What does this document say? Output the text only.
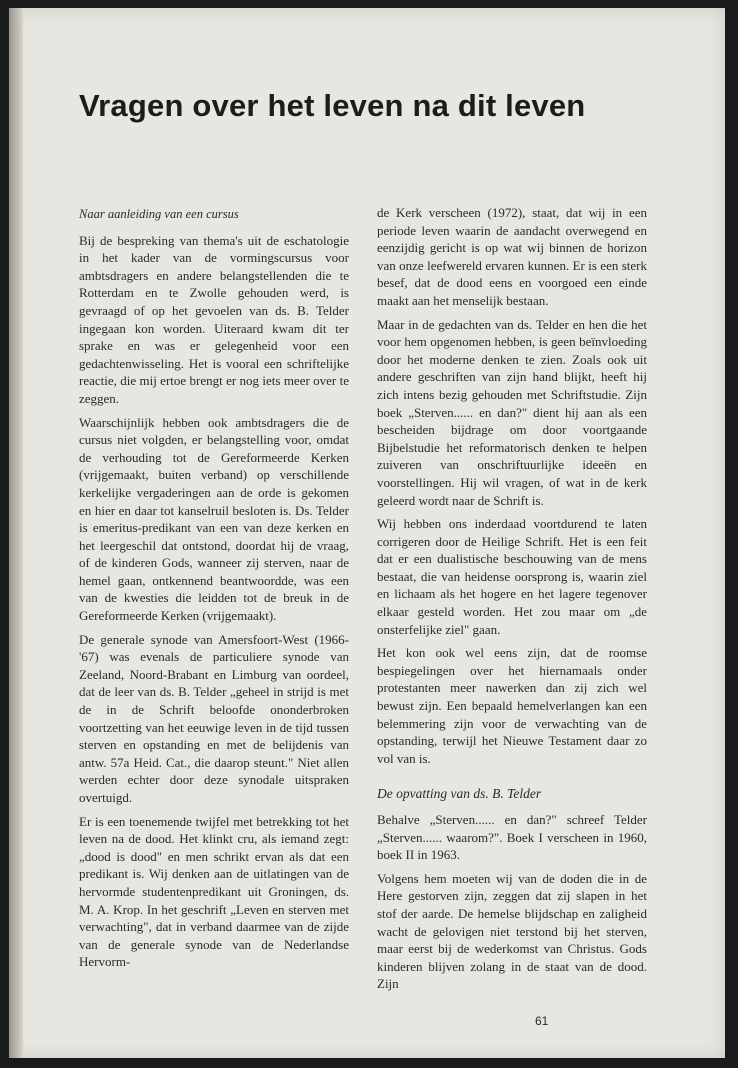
Vragen over het leven na dit leven
Naar aanleiding van een cursus

Bij de bespreking van thema's uit de eschatologie in het kader van de vormingscursus voor ambtsdragers en andere belangstellenden die te Rotterdam en te Zwolle gehouden werd, is gevraagd of op het gevoelen van ds. B. Telder ingegaan kon worden. Uiteraard kwam dit ter sprake en was er gelegenheid voor een gedachtenwisseling. Het is vooral een schriftelijke reactie, die mij ertoe brengt er nog iets meer over te zeggen.

Waarschijnlijk hebben ook ambtsdragers die de cursus niet volgden, er belangstelling voor, omdat de verhouding tot de Gereformeerde Kerken (vrijgemaakt, buiten verband) op verschillende kerkelijke vergaderingen aan de orde is gekomen en hier en daar tot kanselruil besloten is. Ds. Telder is emeritus-predikant van een van deze kerken en het leergeschil dat ontstond, doordat hij de vraag, of de kinderen Gods, wanneer zij sterven, naar de hemel gaan, ontkennend beantwoordde, was een van de kwesties die leidden tot de breuk in de Gereformeerde Kerken (vrijgemaakt).

De generale synode van Amersfoort-West (1966-'67) was evenals de particuliere synode van Zeeland, Noord-Brabant en Limburg van oordeel, dat de leer van ds. B. Telder „geheel in strijd is met de in de Schrift beloofde ononderbroken voortzetting van het eeuwige leven in de tijd tussen sterven en opstanding en met de belijdenis van antw. 57a Heid. Cat., die daarop steunt." Niet allen werden echter door deze synodale uitspraken overtuigd.

Er is een toenemende twijfel met betrekking tot het leven na de dood. Het klinkt cru, als iemand zegt: „dood is dood" en men schrikt ervan als dat een predikant is. Wij denken aan de uitlatingen van de hervormde studentenpredikant uit Groningen, ds. M. A. Krop. In het geschrift „Leven en sterven met verwachting", dat in verband daarmee van de zijde van de generale synode van de Nederlandse Hervorm-

de Kerk verscheen (1972), staat, dat wij in een periode leven waarin de aandacht overwegend en eenzijdig gericht is op wat wij binnen de horizon van onze leefwereld ervaren kunnen. Er is een sterk besef, dat de dood eens en voorgoed een einde maakt aan het menselijk bestaan.

Maar in de gedachten van ds. Telder en hen die het voor hem opgenomen hebben, is geen beïnvloeding door het moderne denken te zien. Zoals ook uit andere geschriften van zijn hand blijkt, heeft hij zich intens bezig gehouden met Schriftstudie. Zijn boek „Sterven...... en dan?" dient hij aan als een bescheiden bijdrage om door voortgaande Bijbelstudie het reformatorisch denken te helpen zuiveren van onschriftuurlijke ideeën en voorstellingen. Hij wil vragen, of wat in de kerk geleerd wordt naar de Schrift is.

Wij hebben ons inderdaad voortdurend te laten corrigeren door de Heilige Schrift. Het is een feit dat er een dualistische beschouwing van de mens bestaat, die van heidense oorsprong is, waarin ziel en lichaam als het hogere en het lagere tegenover elkaar gesteld worden. Het zou maar om „de onsterfelijke ziel" gaan.

Het kon ook wel eens zijn, dat de roomse bespiegelingen over het hiernamaals onder protestanten meer nawerken dan zij zich wel bewust zijn. Een bepaald hemelverlangen kan een belemmering zijn voor de verwachting van de opstanding, terwijl het Nieuwe Testament daar zo vol van is.

De opvatting van ds. B. Telder

Behalve „Sterven...... en dan?" schreef Telder „Sterven...... waarom?". Boek I verscheen in 1960, boek II in 1963.

Volgens hem moeten wij van de doden die in de Here gestorven zijn, zeggen dat zij slapen in het stof der aarde. De hemelse blijdschap en zaligheid wacht de gelovigen niet terstond bij het sterven, maar eerst bij de wederkomst van Christus. Gods kinderen blijven zolang in de staat van de dood. Zijn

61
